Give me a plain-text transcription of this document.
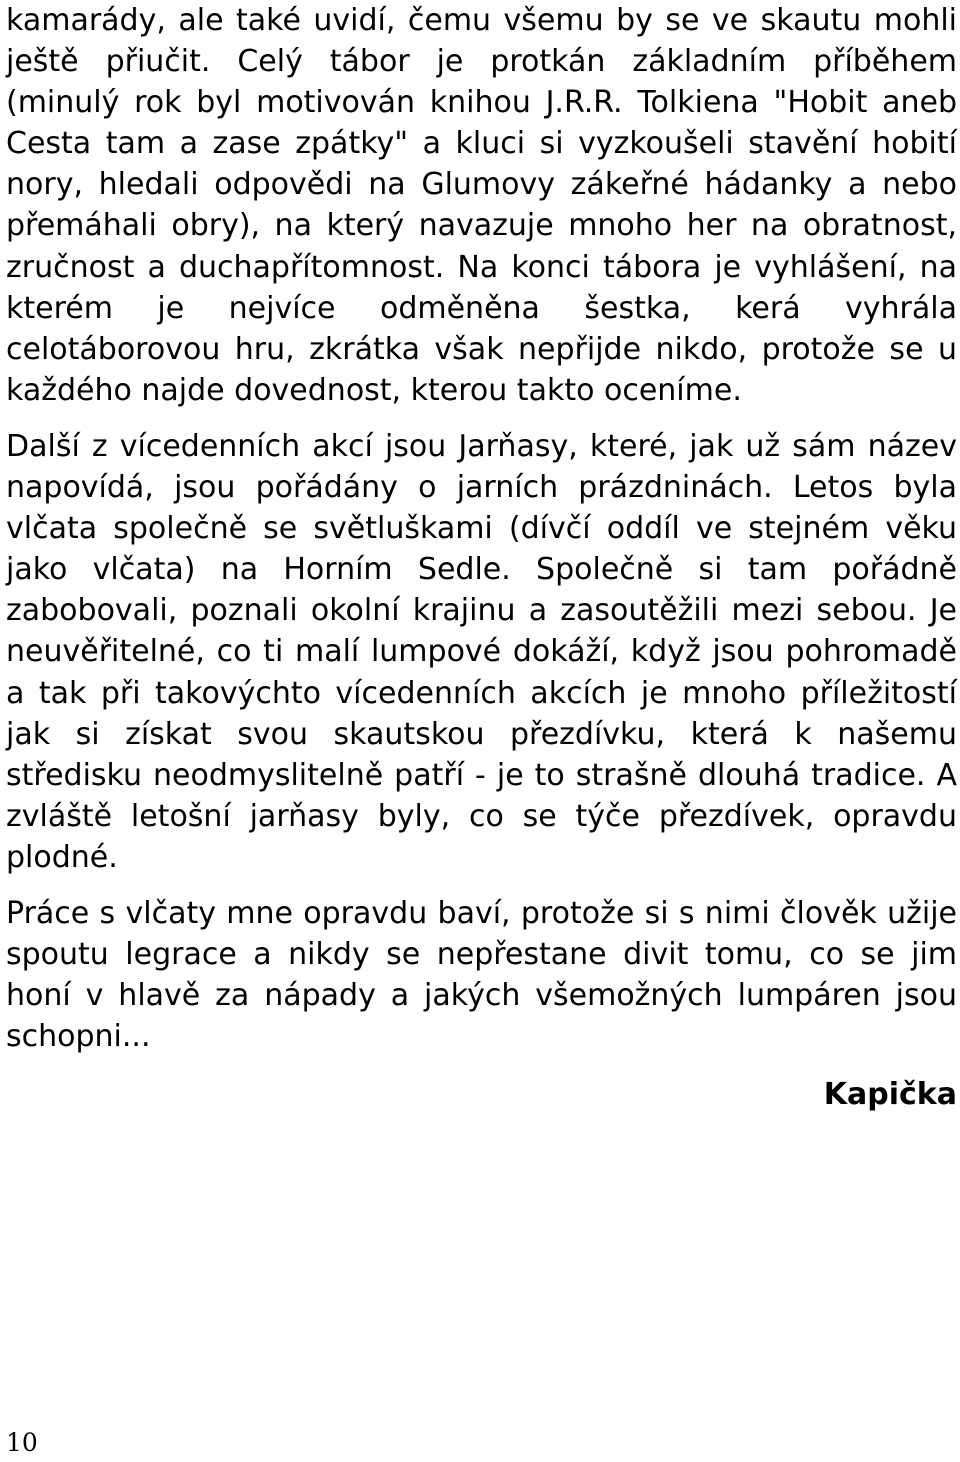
kamarády, ale také uvidí, čemu všemu by se ve skautu mohli ještě přiučit. Celý tábor je protkán základním příběhem (minulý rok byl motivován knihou J.R.R. Tolkiena "Hobit aneb Cesta tam a zase zpátky" a kluci si vyzkoušeli stavění hobití nory, hledali odpovědi na Glumovy zákeřné hádanky a nebo přemáhali obry), na který navazuje mnoho her na obratnost, zručnost a duchapřítomnost. Na konci tábora je vyhlášení, na kterém je nejvíce odměněna šestka, kerá vyhrála celotáborovou hru, zkrátka však nepřijde nikdo, protože se u každého najde dovednost, kterou takto oceníme.

Další z vícedenních akcí jsou Jarňasy, které, jak už sám název napovídá, jsou pořádány o jarních prázdninách. Letos byla vlčata společně se světluškami (dívčí oddíl ve stejném věku jako vlčata) na Horním Sedle. Společně si tam pořádně zabobovali, poznali okolní krajinu a zasoutěžili mezi sebou. Je neuvěřitelné, co ti malí lumpové dokáží, když jsou pohromadě a tak při takovýchto vícedenních akcích je mnoho příležitostí jak si získat svou skautskou přezdívku, která k našemu středisku neodmyslitelně patří - je to strašně dlouhá tradice. A zvláště letošní jarňasy byly, co se týče přezdívek, opravdu plodné.

Práce s vlčaty mne opravdu baví, protože si s nimi člověk užije spoutu legrace a nikdy se nepřestane divit tomu, co se jim honí v hlavě za nápady a jakých všemožných lumpáren jsou schopni...

Kapička
10
